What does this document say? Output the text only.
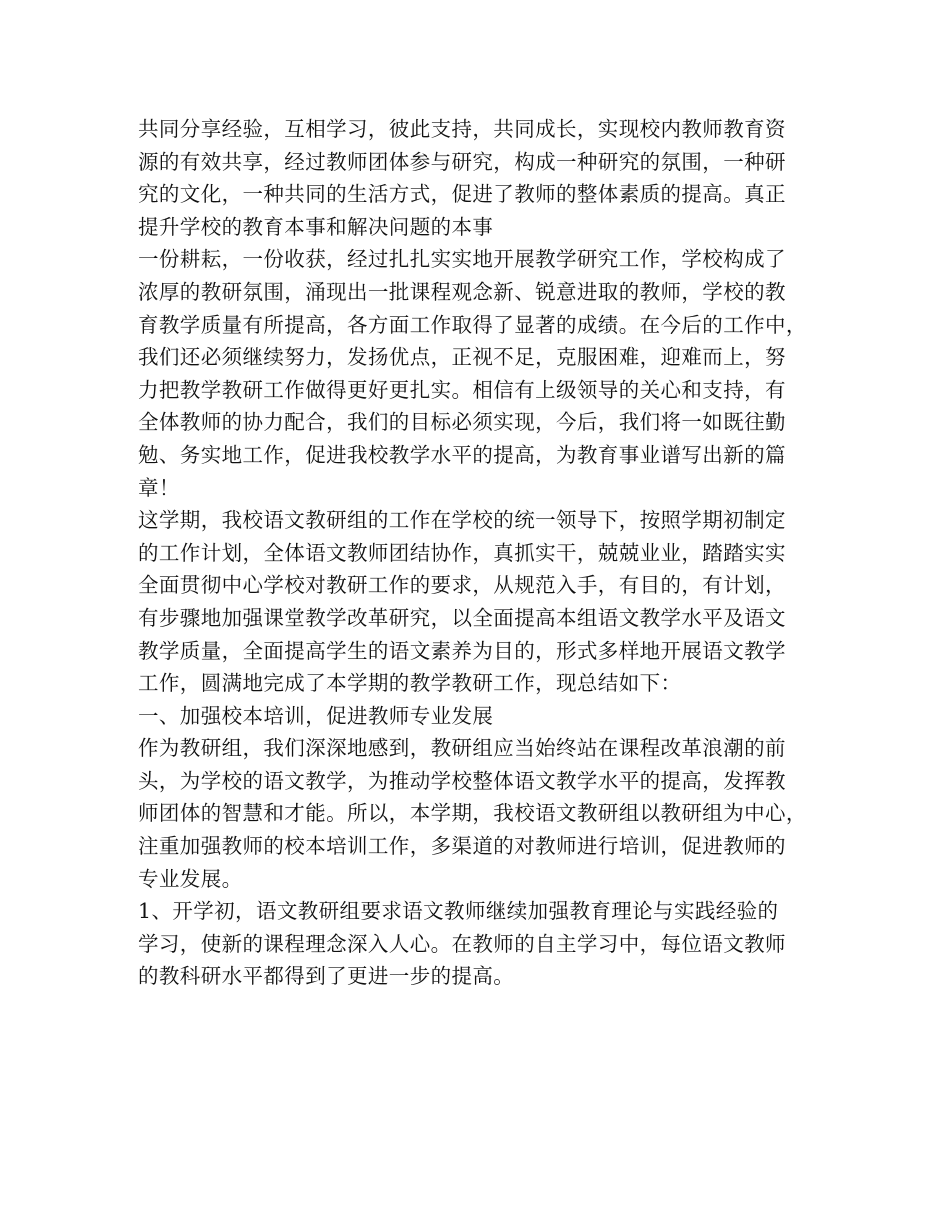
共同分享经验，互相学习，彼此支持，共同成长，实现校内教师教育资
源的有效共享，经过教师团体参与研究，构成一种研究的氛围，一种研
究的文化，一种共同的生活方式，促进了教师的整体素质的提高。真正
提升学校的教育本事和解决问题的本事
一份耕耘，一份收获，经过扎扎实实地开展教学研究工作，学校构成了
浓厚的教研氛围，涌现出一批课程观念新、锐意进取的教师，学校的教
育教学质量有所提高，各方面工作取得了显著的成绩。在今后的工作中，
我们还必须继续努力，发扬优点，正视不足，克服困难，迎难而上，努
力把教学教研工作做得更好更扎实。相信有上级领导的关心和支持，有
全体教师的协力配合，我们的目标必须实现，今后，我们将一如既往勤
勉、务实地工作，促进我校教学水平的提高，为教育事业谱写出新的篇
章！
这学期，我校语文教研组的工作在学校的统一领导下，按照学期初制定
的工作计划，全体语文教师团结协作，真抓实干，兢兢业业，踏踏实实
全面贯彻中心学校对教研工作的要求，从规范入手，有目的，有计划，
有步骤地加强课堂教学改革研究，以全面提高本组语文教学水平及语文
教学质量，全面提高学生的语文素养为目的，形式多样地开展语文教学
工作，圆满地完成了本学期的教学教研工作，现总结如下：
一、加强校本培训，促进教师专业发展
作为教研组，我们深深地感到，教研组应当始终站在课程改革浪潮的前
头，为学校的语文教学，为推动学校整体语文教学水平的提高，发挥教
师团体的智慧和才能。所以，本学期，我校语文教研组以教研组为中心，
注重加强教师的校本培训工作，多渠道的对教师进行培训，促进教师的
专业发展。
1、开学初，语文教研组要求语文教师继续加强教育理论与实践经验的
学习，使新的课程理念深入人心。在教师的自主学习中，每位语文教师
的教科研水平都得到了更进一步的提高。
